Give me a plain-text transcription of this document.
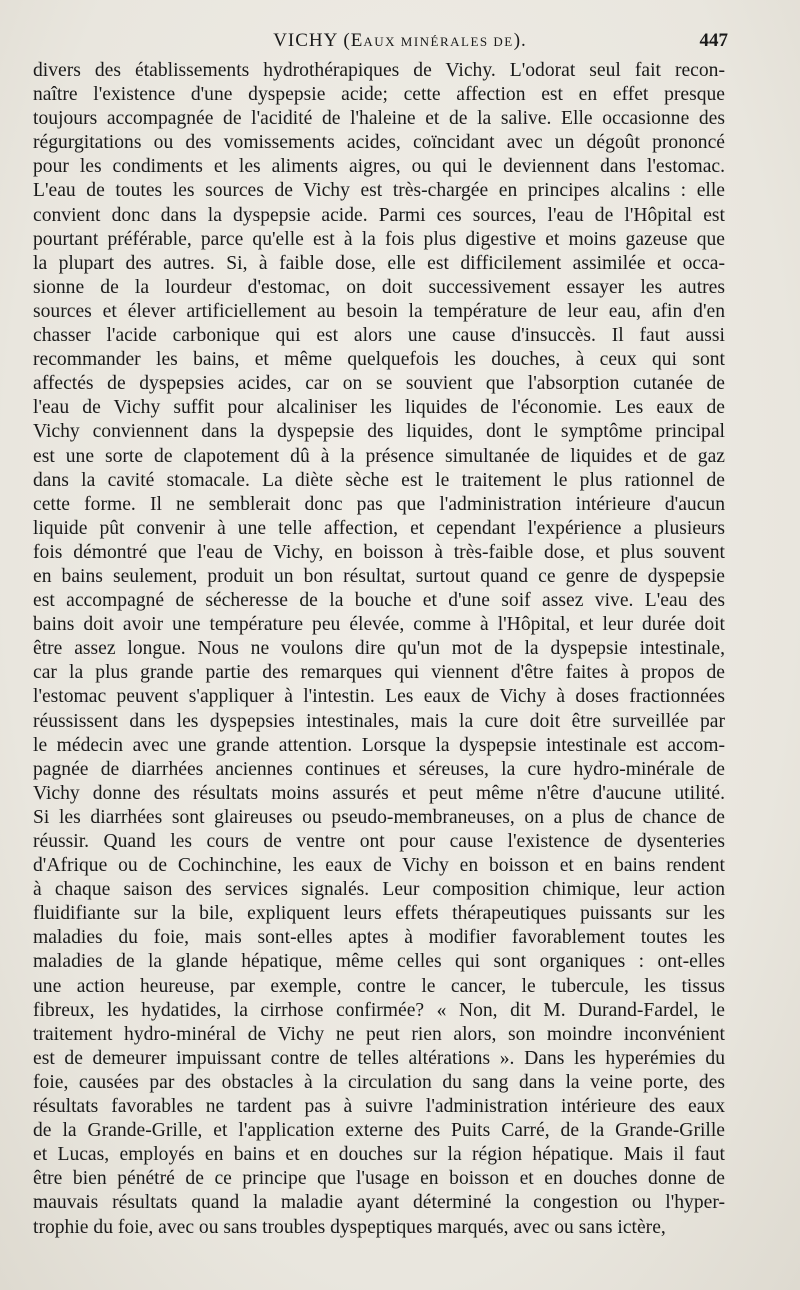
VICHY (EAUX MINÉRALES DE).	447
divers des établissements hydrothérapiques de Vichy. L'odorat seul fait recon-
naître l'existence d'une dyspepsie acide; cette affection est en effet presque
toujours accompagnée de l'acidité de l'haleine et de la salive. Elle occasionne des
régurgitations ou des vomissements acides, coïncidant avec un dégoût prononcé
pour les condiments et les aliments aigres, ou qui le deviennent dans l'estomac.
L'eau de toutes les sources de Vichy est très-chargée en principes alcalins : elle
convient donc dans la dyspepsie acide. Parmi ces sources, l'eau de l'Hôpital est
pourtant préférable, parce qu'elle est à la fois plus digestive et moins gazeuse que
la plupart des autres. Si, à faible dose, elle est difficilement assimilée et occa-
sionne de la lourdeur d'estomac, on doit successivement essayer les autres
sources et élever artificiellement au besoin la température de leur eau, afin d'en
chasser l'acide carbonique qui est alors une cause d'insuccès. Il faut aussi
recommander les bains, et même quelquefois les douches, à ceux qui sont
affectés de dyspepsies acides, car on se souvient que l'absorption cutanée de
l'eau de Vichy suffit pour alcaliniser les liquides de l'économie. Les eaux de
Vichy conviennent dans la dyspepsie des liquides, dont le symptôme principal
est une sorte de clapotement dû à la présence simultanée de liquides et de gaz
dans la cavité stomacale. La diète sèche est le traitement le plus rationnel de
cette forme. Il ne semblerait donc pas que l'administration intérieure d'aucun
liquide pût convenir à une telle affection, et cependant l'expérience a plusieurs
fois démontré que l'eau de Vichy, en boisson à très-faible dose, et plus souvent
en bains seulement, produit un bon résultat, surtout quand ce genre de dyspepsie
est accompagné de sécheresse de la bouche et d'une soif assez vive. L'eau des
bains doit avoir une température peu élevée, comme à l'Hôpital, et leur durée doit
être assez longue. Nous ne voulons dire qu'un mot de la dyspepsie intestinale,
car la plus grande partie des remarques qui viennent d'être faites à propos de
l'estomac peuvent s'appliquer à l'intestin. Les eaux de Vichy à doses fractionnées
réussissent dans les dyspepsies intestinales, mais la cure doit être surveillée par
le médecin avec une grande attention. Lorsque la dyspepsie intestinale est accom-
pagnée de diarrhées anciennes continues et séreuses, la cure hydro-minérale de
Vichy donne des résultats moins assurés et peut même n'être d'aucune utilité.
Si les diarrhées sont glaireuses ou pseudo-membraneuses, on a plus de chance de
réussir. Quand les cours de ventre ont pour cause l'existence de dysenteries
d'Afrique ou de Cochinchine, les eaux de Vichy en boisson et en bains rendent
à chaque saison des services signalés. Leur composition chimique, leur action
fluidifiante sur la bile, expliquent leurs effets thérapeutiques puissants sur les
maladies du foie, mais sont-elles aptes à modifier favorablement toutes les
maladies de la glande hépatique, même celles qui sont organiques : ont-elles
une action heureuse, par exemple, contre le cancer, le tubercule, les tissus
fibreux, les hydatides, la cirrhose confirmée? « Non, dit M. Durand-Fardel, le
traitement hydro-minéral de Vichy ne peut rien alors, son moindre inconvénient
est de demeurer impuissant contre de telles altérations ». Dans les hyperémies du
foie, causées par des obstacles à la circulation du sang dans la veine porte, des
résultats favorables ne tardent pas à suivre l'administration intérieure des eaux
de la Grande-Grille, et l'application externe des Puits Carré, de la Grande-Grille
et Lucas, employés en bains et en douches sur la région hépatique. Mais il faut
être bien pénétré de ce principe que l'usage en boisson et en douches donne de
mauvais résultats quand la maladie ayant déterminé la congestion ou l'hyper-
trophie du foie, avec ou sans troubles dyspeptiques marqués, avec ou sans ictère,
